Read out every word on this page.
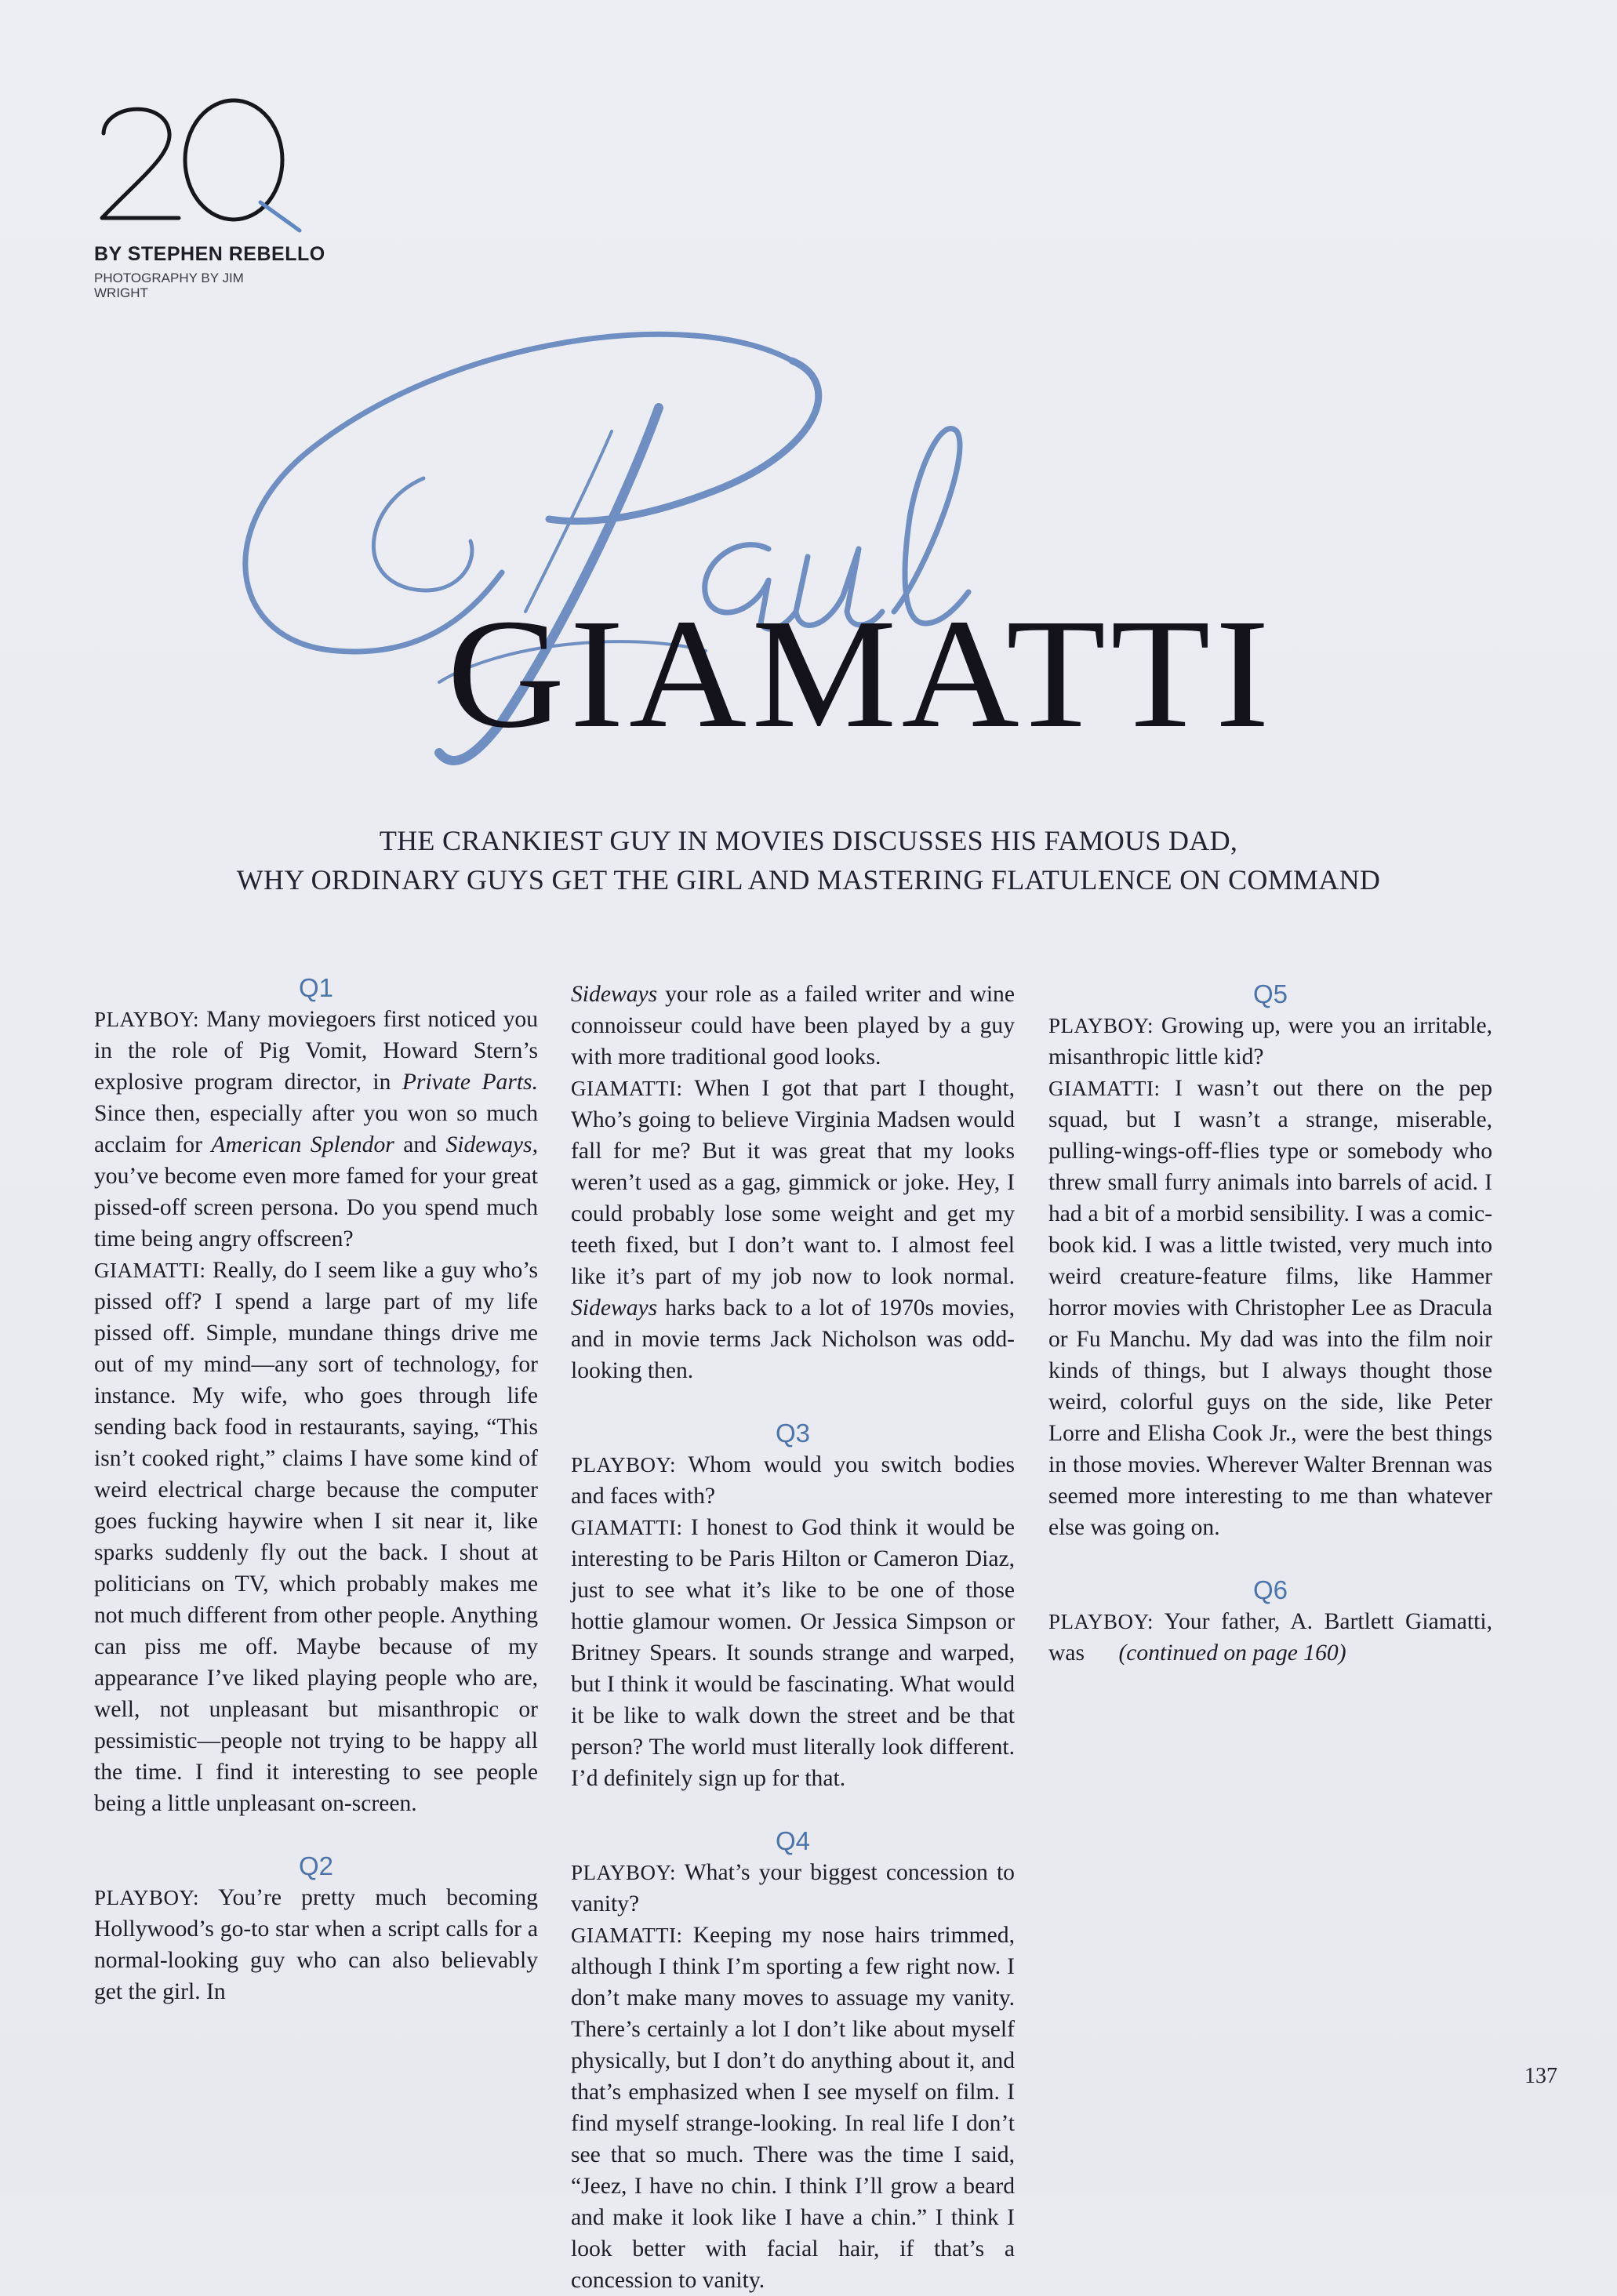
BY STEPHEN REBELLO
PHOTOGRAPHY BY JIM WRIGHT
GIAMATTI
THE CRANKIEST GUY IN MOVIES DISCUSSES HIS FAMOUS DAD,
WHY ORDINARY GUYS GET THE GIRL AND MASTERING FLATULENCE ON COMMAND
Q1

PLAYBOY: Many moviegoers first noticed you in the role of Pig Vomit, Howard Stern’s explosive program director, in Private Parts. Since then, especially after you won so much acclaim for American Splendor and Sideways, you’ve become even more famed for your great pissed-off screen persona. Do you spend much time being angry offscreen?

GIAMATTI: Really, do I seem like a guy who’s pissed off? I spend a large part of my life pissed off. Simple, mundane things drive me out of my mind—any sort of technology, for instance. My wife, who goes through life sending back food in restaurants, saying, “This isn’t cooked right,” claims I have some kind of weird electrical charge because the computer goes fucking haywire when I sit near it, like sparks suddenly fly out the back. I shout at politicians on TV, which probably makes me not much different from other people. Anything can piss me off. Maybe because of my appearance I’ve liked playing people who are, well, not unpleasant but misanthropic or pessimistic—people not trying to be happy all the time. I find it interesting to see people being a little unpleasant on-screen.

Q2

PLAYBOY: You’re pretty much becoming Hollywood’s go-to star when a script calls for a normal-looking guy who can also believably get the girl. In

Sideways your role as a failed writer and wine connoisseur could have been played by a guy with more traditional good looks.

GIAMATTI: When I got that part I thought, Who’s going to believe Virginia Madsen would fall for me? But it was great that my looks weren’t used as a gag, gimmick or joke. Hey, I could probably lose some weight and get my teeth fixed, but I don’t want to. I almost feel like it’s part of my job now to look normal. Sideways harks back to a lot of 1970s movies, and in movie terms Jack Nicholson was odd-looking then.

Q3

PLAYBOY: Whom would you switch bodies and faces with?

GIAMATTI: I honest to God think it would be interesting to be Paris Hilton or Cameron Diaz, just to see what it’s like to be one of those hottie glamour women. Or Jessica Simpson or Britney Spears. It sounds strange and warped, but I think it would be fascinating. What would it be like to walk down the street and be that person? The world must literally look different. I’d definitely sign up for that.

Q4

PLAYBOY: What’s your biggest concession to vanity?

GIAMATTI: Keeping my nose hairs trimmed, although I think I’m sporting a few right now. I don’t make many moves to assuage my vanity. There’s certainly a lot I don’t like about myself physically, but I don’t do anything about it, and that’s emphasized when I see myself on film. I find myself strange-looking. In real life I don’t see that so much. There was the time I said, “Jeez, I have no chin. I think I’ll grow a beard and make it look like I have a chin.” I think I look better with facial hair, if that’s a concession to vanity.

Q5

PLAYBOY: Growing up, were you an irritable, misanthropic little kid?

GIAMATTI: I wasn’t out there on the pep squad, but I wasn’t a strange, miserable, pulling-wings-off-flies type or somebody who threw small furry animals into barrels of acid. I had a bit of a morbid sensibility. I was a comic-book kid. I was a little twisted, very much into weird creature-feature films, like Hammer horror movies with Christopher Lee as Dracula or Fu Manchu. My dad was into the film noir kinds of things, but I always thought those weird, colorful guys on the side, like Peter Lorre and Elisha Cook Jr., were the best things in those movies. Wherever Walter Brennan was seemed more interesting to me than whatever else was going on.

Q6

PLAYBOY: Your father, A. Bartlett Giamatti, was (continued on page 160)

137
